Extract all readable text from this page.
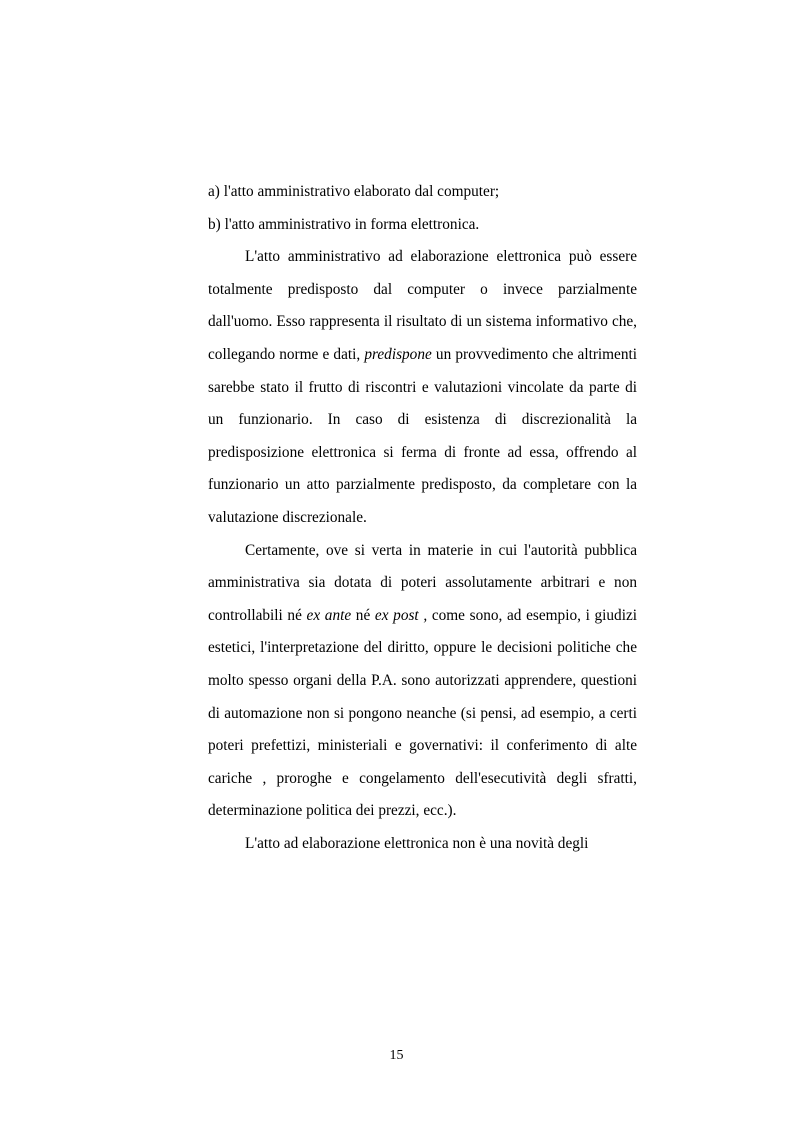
a) l'atto amministrativo elaborato dal computer;

b) l'atto amministrativo in forma elettronica.

L'atto amministrativo ad elaborazione elettronica può essere totalmente predisposto dal computer o invece parzialmente dall'uomo. Esso rappresenta il risultato di un sistema informativo che, collegando norme e dati, predispone un provvedimento che altrimenti sarebbe stato il frutto di riscontri e valutazioni vincolate da parte di un funzionario. In caso di esistenza di discrezionalità la predisposizione elettronica si ferma di fronte ad essa, offrendo al funzionario un atto parzialmente predisposto, da completare con la valutazione discrezionale.

Certamente, ove si verta in materie in cui l'autorità pubblica amministrativa sia dotata di poteri assolutamente arbitrari e non controllabili né ex ante né ex post , come sono, ad esempio, i giudizi estetici, l'interpretazione del diritto, oppure le decisioni politiche che molto spesso organi della P.A. sono autorizzati apprendere, questioni di automazione non si pongono neanche (si pensi, ad esempio, a certi poteri prefettizi, ministeriali e governativi: il conferimento di alte cariche , proroghe e congelamento dell'esecutività degli sfratti, determinazione politica dei prezzi, ecc.).

L'atto ad elaborazione elettronica non è una novità degli

15
